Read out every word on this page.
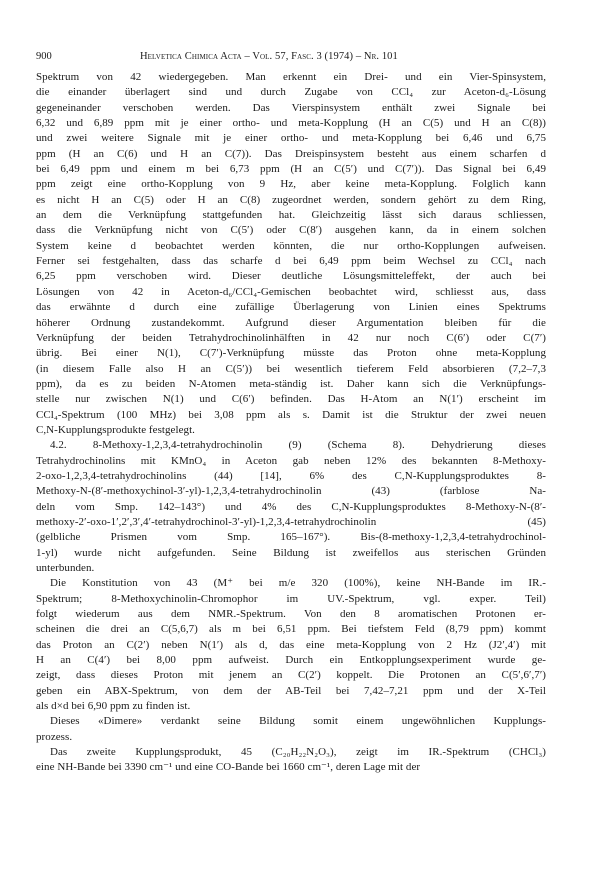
900	Helvetica Chimica Acta – Vol. 57, Fasc. 3 (1974) – Nr. 101
Spektrum von 42 wiedergegeben. Man erkennt ein Drei- und ein Vier-Spinsystem,
die einander überlagert sind und durch Zugabe von CCl₄ zur Aceton-d₆-Lösung
gegeneinander verschoben werden. Das Vierspinsystem enthält zwei Signale bei
6,32 und 6,89 ppm mit je einer ortho- und meta-Kopplung (H an C(5) und H an C(8))
und zwei weitere Signale mit je einer ortho- und meta-Kopplung bei 6,46 und 6,75
ppm (H an C(6) und H an C(7)). Das Dreispinsystem besteht aus einem scharfen d
bei 6,49 ppm und einem m bei 6,73 ppm (H an C(5′) und C(7′)). Das Signal bei 6,49
ppm zeigt eine ortho-Kopplung von 9 Hz, aber keine meta-Kopplung. Folglich kann
es nicht H an C(5) oder H an C(8) zugeordnet werden, sondern gehört zu dem Ring,
an dem die Verknüpfung stattgefunden hat. Gleichzeitig lässt sich daraus schliessen,
dass die Verknüpfung nicht von C(5′) oder C(8′) ausgehen kann, da in einem solchen
System keine d beobachtet werden könnten, die nur ortho-Kopplungen aufweisen.
Ferner sei festgehalten, dass das scharfe d bei 6,49 ppm beim Wechsel zu CCl₄ nach
6,25 ppm verschoben wird. Dieser deutliche Lösungsmitteleffekt, der auch bei
Lösungen von 42 in Aceton-d₆/CCl₄-Gemischen beobachtet wird, schliesst aus, dass
das erwähnte d durch eine zufällige Überlagerung von Linien eines Spektrums
höherer Ordnung zustandekommt. Aufgrund dieser Argumentation bleiben für die
Verknüpfung der beiden Tetrahydrochinolinhälften in 42 nur noch C(6′) oder C(7′)
übrig. Bei einer N(1), C(7′)-Verknüpfung müsste das Proton ohne meta-Kopplung
(in diesem Falle also H an C(5′)) bei wesentlich tieferem Feld absorbieren (7,2–7,3
ppm), da es zu beiden N-Atomen meta-ständig ist. Daher kann sich die Verknüpfungs-
stelle nur zwischen N(1) und C(6′) befinden. Das H-Atom an N(1′) erscheint im
CCl₄-Spektrum (100 MHz) bei 3,08 ppm als s. Damit ist die Struktur der zwei neuen
C,N-Kupplungsprodukte festgelegt.
4.2. 8-Methoxy-1,2,3,4-tetrahydrochinolin (9) (Schema 8). Dehydrierung dieses
Tetrahydrochinolins mit KMnO₄ in Aceton gab neben 12% des bekannten 8-Methoxy-
2-oxo-1,2,3,4-tetrahydrochinolins (44) [14], 6% des C,N-Kupplungsproduktes 8-
Methoxy-N-(8′-methoxychinol-3′-yl)-1,2,3,4-tetrahydrochinolin (43) (farblose Na-
deln vom Smp. 142–143°) und 4% des C,N-Kupplungsproduktes 8-Methoxy-N-(8′-
methoxy-2′-oxo-1′,2′,3′,4′-tetrahydrochinol-3′-yl)-1,2,3,4-tetrahydrochinolin (45)
(gelbliche Prismen vom Smp. 165–167°). Bis-(8-methoxy-1,2,3,4-tetrahydrochinol-
1-yl) wurde nicht aufgefunden. Seine Bildung ist zweifellos aus sterischen Gründen
unterbunden.
Die Konstitution von 43 (M⁺ bei m/e 320 (100%), keine NH-Bande im IR.-
Spektrum; 8-Methoxychinolin-Chromophor im UV.-Spektrum, vgl. exper. Teil)
folgt wiederum aus dem NMR.-Spektrum. Von den 8 aromatischen Protonen er-
scheinen die drei an C(5,6,7) als m bei 6,51 ppm. Bei tiefstem Feld (8,79 ppm) kommt
das Proton an C(2′) neben N(1′) als d, das eine meta-Kopplung von 2 Hz (J2′,4′) mit
H an C(4′) bei 8,00 ppm aufweist. Durch ein Entkopplungsexperiment wurde ge-
zeigt, dass dieses Proton mit jenem an C(2′) koppelt. Die Protonen an C(5′,6′,7′)
geben ein ABX-Spektrum, von dem der AB-Teil bei 7,42–7,21 ppm und der X-Teil
als d×d bei 6,90 ppm zu finden ist.
Dieses «Dimere» verdankt seine Bildung somit einem ungewöhnlichen Kupplungs-
prozess.
Das zweite Kupplungsprodukt, 45 (C₂₀H₂₂N₂O₃), zeigt im IR.-Spektrum (CHCl₃)
eine NH-Bande bei 3390 cm⁻¹ und eine CO-Bande bei 1660 cm⁻¹, deren Lage mit der
